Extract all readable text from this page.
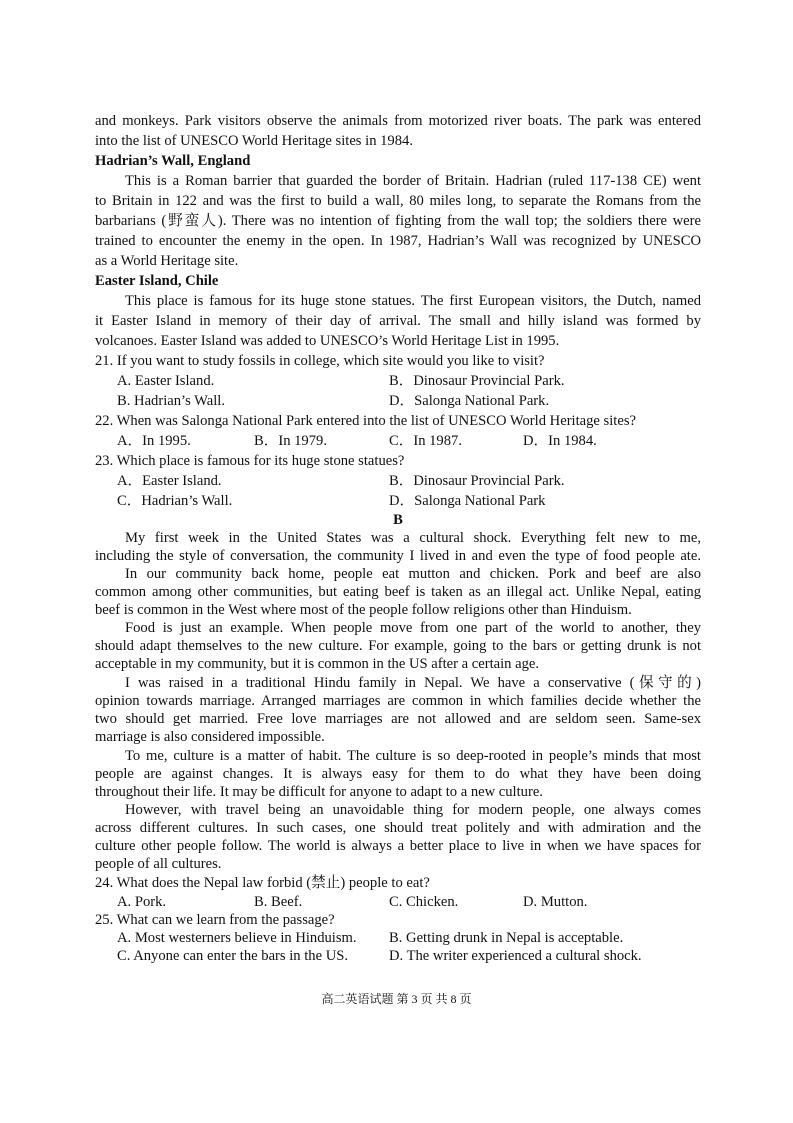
and monkeys. Park visitors observe the animals from motorized river boats. The park was entered
into the list of UNESCO World Heritage sites in 1984.
Hadrian’s Wall, England
This is a Roman barrier that guarded the border of Britain. Hadrian (ruled 117-138 CE) went
to Britain in 122 and was the first to build a wall, 80 miles long, to separate the Romans from the
barbarians (野蛮人). There was no intention of fighting from the wall top; the soldiers there were
trained to encounter the enemy in the open. In 1987, Hadrian’s Wall was recognized by UNESCO
as a World Heritage site.
Easter Island, Chile
This place is famous for its huge stone statues. The first European visitors, the Dutch, named
it Easter Island in memory of their day of arrival. The small and hilly island was formed by
volcanoes. Easter Island was added to UNESCO’s World Heritage List in 1995.
21. If you want to study fossils in college, which site would you like to visit?
A. Easter Island.	B．Dinosaur Provincial Park.
B. Hadrian’s Wall.	D．Salonga National Park.
22. When was Salonga National Park entered into the list of UNESCO World Heritage sites?
A．In 1995.	B．In 1979.	C．In 1987.	D．In 1984.
23. Which place is famous for its huge stone statues?
A．Easter Island.	B．Dinosaur Provincial Park.
C．Hadrian’s Wall.	D．Salonga National Park
B
My first week in the United States was a cultural shock. Everything felt new to me,
including the style of conversation, the community I lived in and even the type of food people ate.
In our community back home, people eat mutton and chicken. Pork and beef are also
common among other communities, but eating beef is taken as an illegal act. Unlike Nepal, eating
beef is common in the West where most of the people follow religions other than Hinduism.
Food is just an example. When people move from one part of the world to another, they
should adapt themselves to the new culture. For example, going to the bars or getting drunk is not
acceptable in my community, but it is common in the US after a certain age.
I was raised in a traditional Hindu family in Nepal. We have a conservative (保守的)
opinion towards marriage. Arranged marriages are common in which families decide whether the
two should get married. Free love marriages are not allowed and are seldom seen. Same-sex
marriage is also considered impossible.
To me, culture is a matter of habit. The culture is so deep-rooted in people’s minds that most
people are against changes. It is always easy for them to do what they have been doing
throughout their life. It may be difficult for anyone to adapt to a new culture.
However, with travel being an unavoidable thing for modern people, one always comes
across different cultures. In such cases, one should treat politely and with admiration and the
culture other people follow. The world is always a better place to live in when we have spaces for
people of all cultures.
24. What does the Nepal law forbid (禁止) people to eat?
A. Pork.	B. Beef.	C. Chicken.	D. Mutton.
25. What can we learn from the passage?
A. Most westerners believe in Hinduism. B. Getting drunk in Nepal is acceptable.
C. Anyone can enter the bars in the US.	D. The writer experienced a cultural shock.
高二英语试题 第 3 页 共 8 页
